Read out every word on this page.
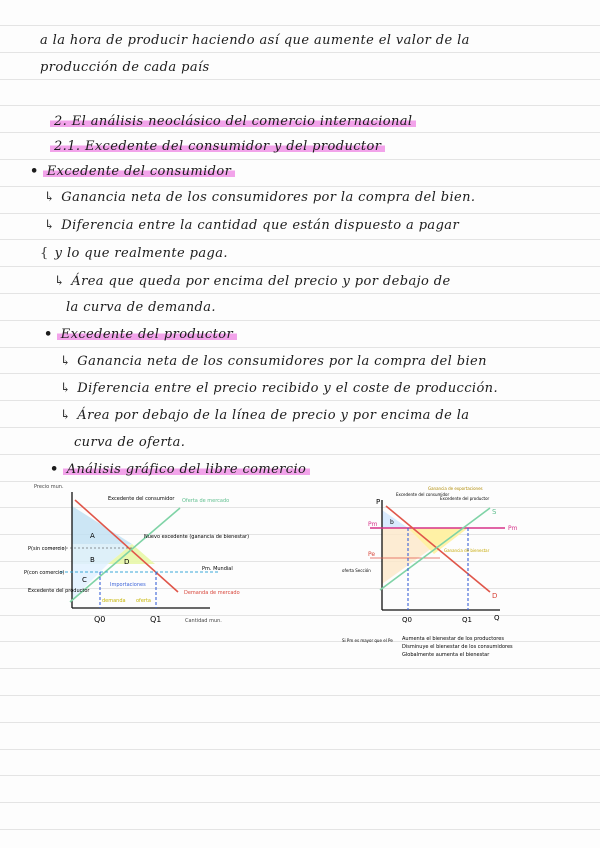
a la hora de producir haciendo así que aumente el valor de la
producción de cada país
2. El análisis neoclásico del comercio internacional
2.1. Excedente del consumidor y del productor
• Excedente del consumidor
↳ Ganancia neta de los consumidores por la compra del bien.
↳ Diferencia entre la cantidad que están dispuesto a pagar
{ y lo que realmente paga.
↳ Área que queda por encima del precio y por debajo de
la curva de demanda.
• Excedente del productor
↳ Ganancia neta de los consumidores por la compra del bien
↳ Diferencia entre el precio recibido y el coste de producción.
↳ Área por debajo de la línea de precio y por encima de la
curva de oferta.
• Análisis gráfico del libre comercio
A
B
C
D
Precio mun.
Cantidad mun.
P(sin comercio)
P(con comercio)
Pm. Mundial
Oferta de mercado
Demanda de mercado
Excedente del consumidor
Excedente del productor
Nuevo excedente (ganancia de bienestar)
Importaciones
demanda oferta
Q0	Q1
P
Q
Pm
Pm
Pe
S
D
b
Q0	Q1
Excedente del consumidor
Ganancia de exportaciones
Excedente del productor
Ganancia de bienestar
oferta Sección
Si Pm es mayor que el Pe Aumenta el bienestar de los productores
Disminuye el bienestar de los consumidores
Globalmente aumenta el bienestar
